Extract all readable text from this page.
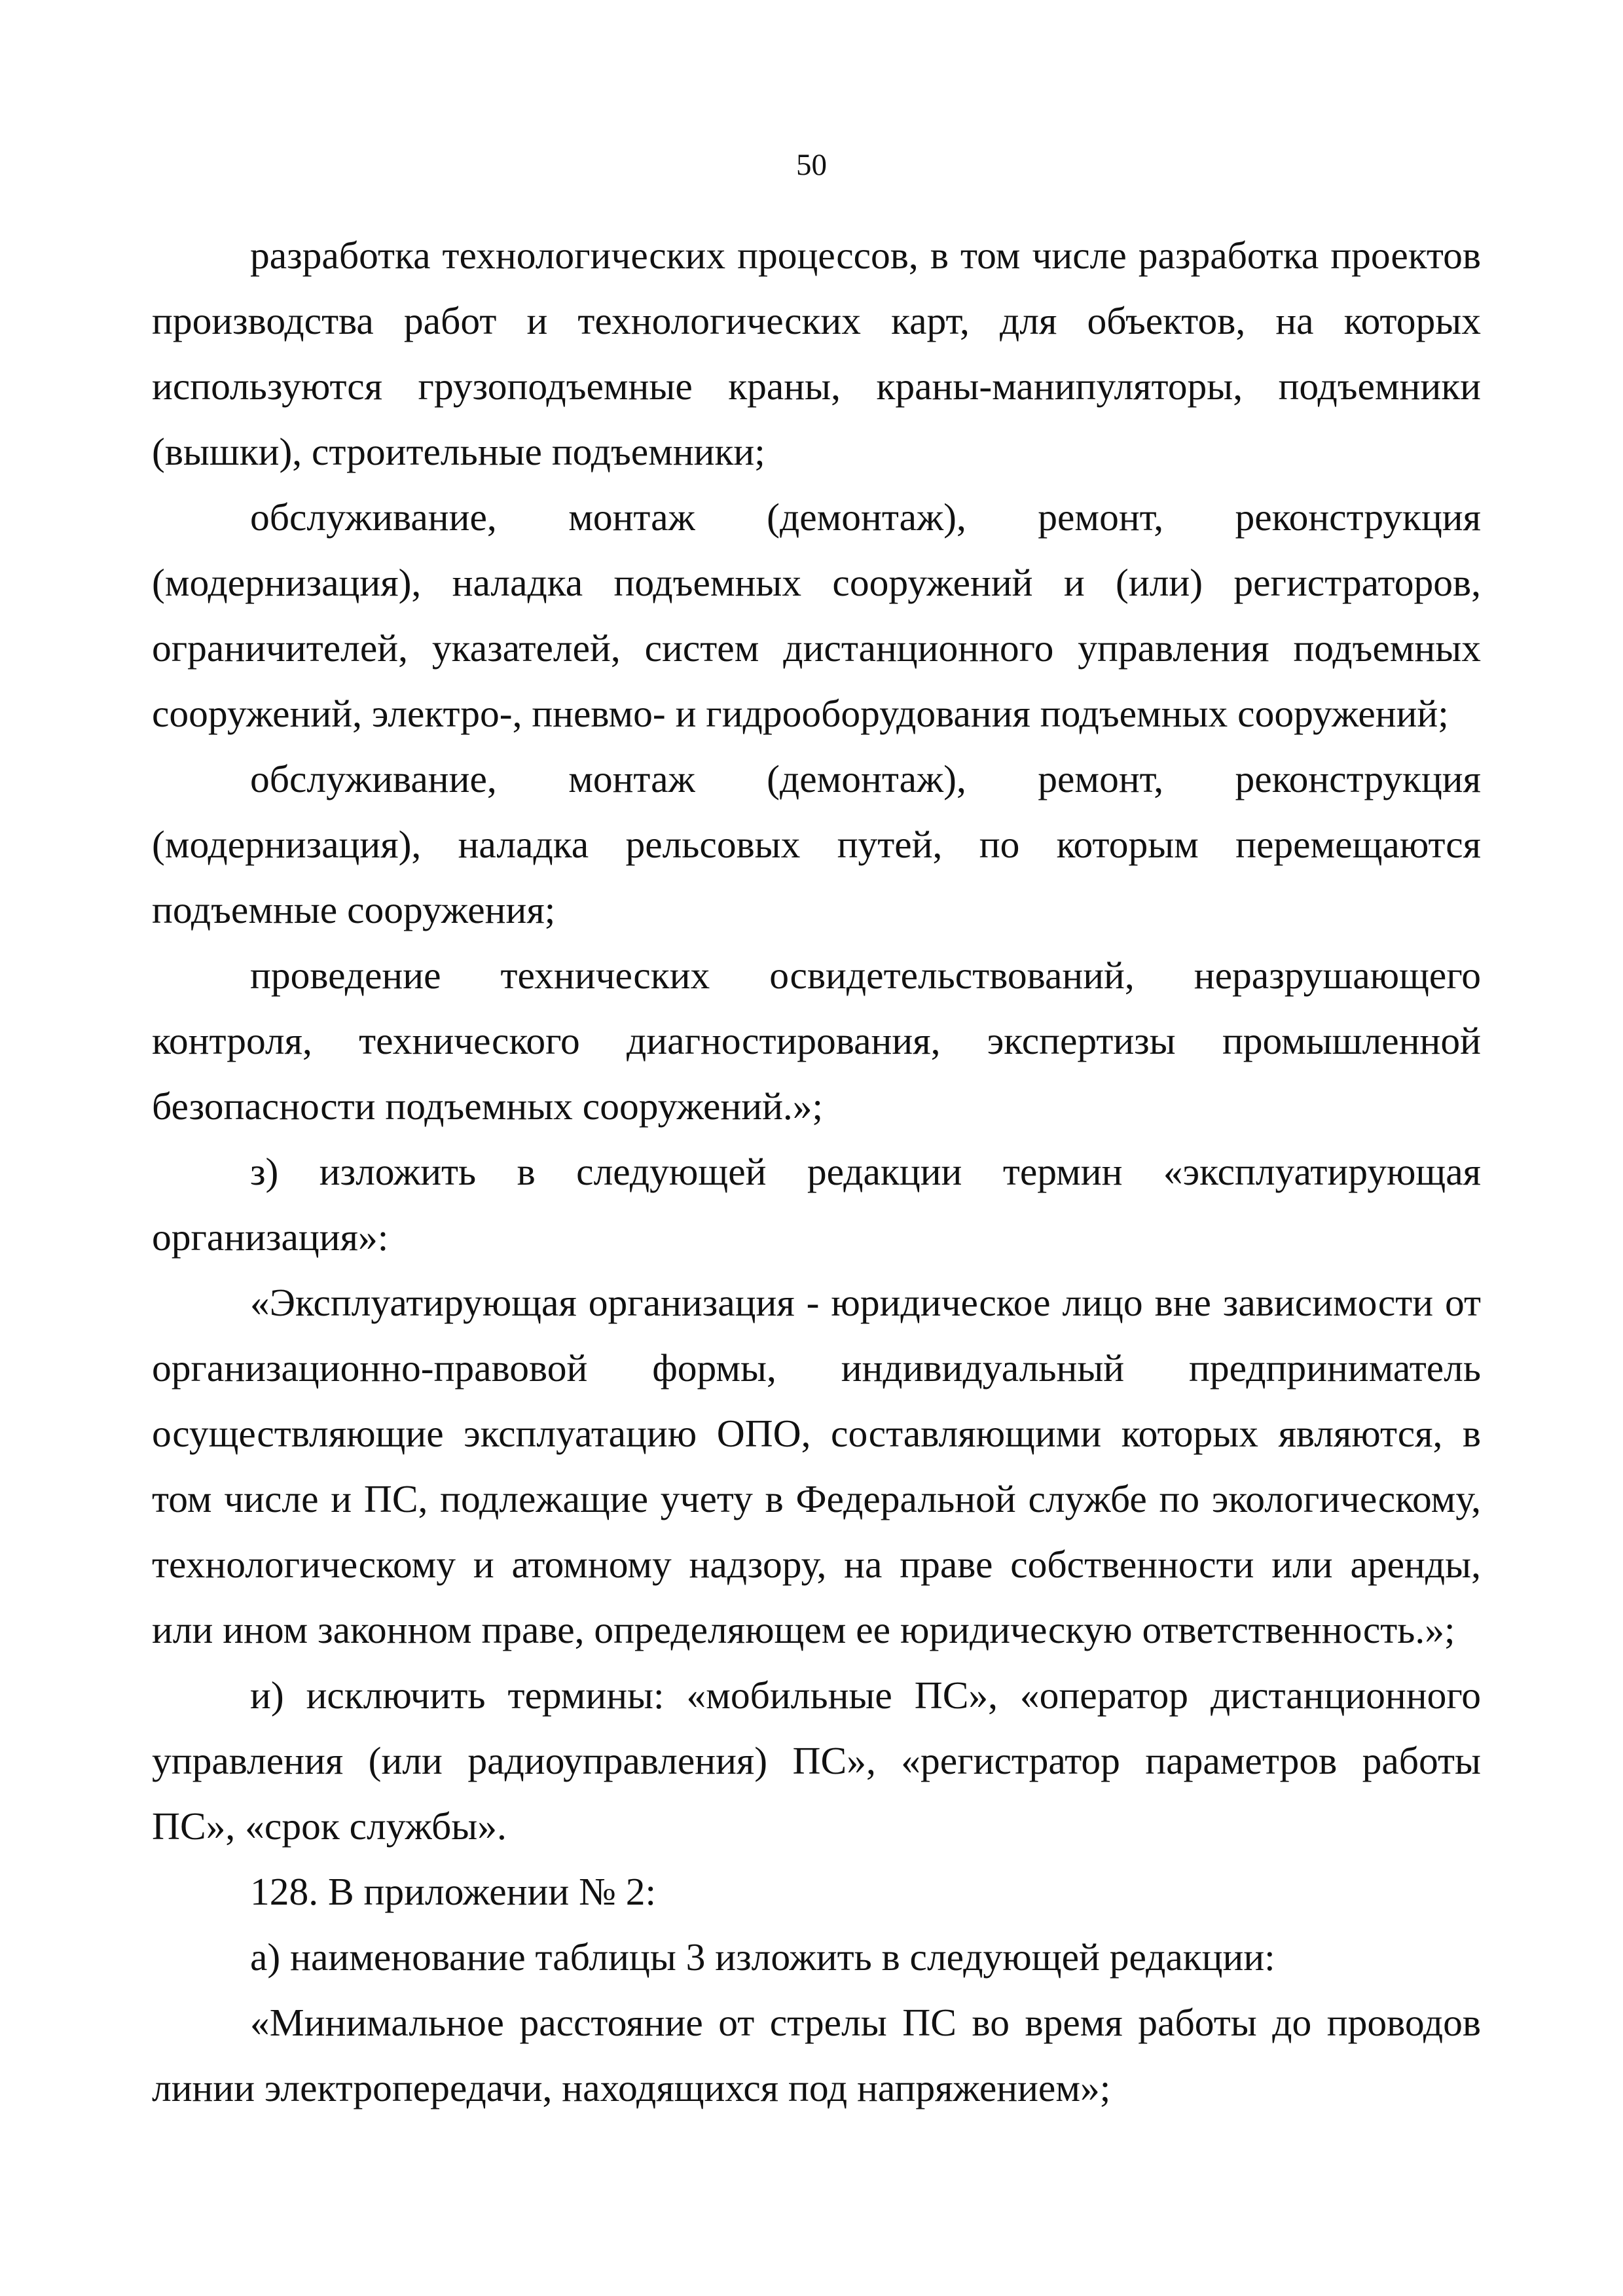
50

разработка технологических процессов, в том числе разработка проектов производства работ и технологических карт, для объектов, на которых используются грузоподъемные краны, краны-манипуляторы, подъемники (вышки), строительные подъемники;

обслуживание, монтаж (демонтаж), ремонт, реконструкция (модернизация), наладка подъемных сооружений и (или) регистраторов, ограничителей, указателей, систем дистанционного управления подъемных сооружений, электро-, пневмо- и гидрооборудования подъемных сооружений;

обслуживание, монтаж (демонтаж), ремонт, реконструкция (модернизация), наладка рельсовых путей, по которым перемещаются подъемные сооружения;

проведение технических освидетельствований, неразрушающего контроля, технического диагностирования, экспертизы промышленной безопасности подъемных сооружений.»;

з) изложить в следующей редакции термин «эксплуатирующая организация»:

«Эксплуатирующая организация - юридическое лицо вне зависимости от организационно-правовой формы, индивидуальный предприниматель осуществляющие эксплуатацию ОПО, составляющими которых являются, в том числе и ПС, подлежащие учету в Федеральной службе по экологическому, технологическому и атомному надзору, на праве собственности или аренды, или ином законном праве, определяющем ее юридическую ответственность.»;

и) исключить термины: «мобильные ПС», «оператор дистанционного управления (или радиоуправления) ПС», «регистратор параметров работы ПС», «срок службы».

128. В приложении № 2:

а) наименование таблицы 3 изложить в следующей редакции:

«Минимальное расстояние от стрелы ПС во время работы до проводов линии электропередачи, находящихся под напряжением»;
